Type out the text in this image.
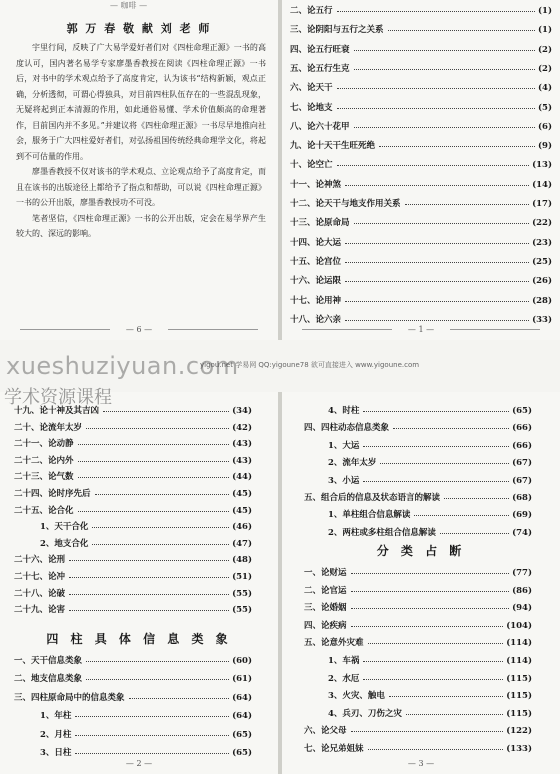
— 咖啡 —
郭 万 春 敬 献 刘 老 师

宇里行间，反映了广大易学爱好者们对《四柱命理正源》一书的高度认可，国内著名易学专家廖墨香教授在阅读《四柱命理正源》一书后，对书中的学术观点给予了高度肯定，认为该书“结构新颖，观点正确，分析透彻，可谓心得独具，对目前四柱队伍存在的一些混乱现象，无疑将起到正本清源的作用，如此通俗易懂、学术价值颇高的命理著作，目前国内并不多见。”并建议将《四柱命理正源》一书尽早地推向社会，服务于广大四柱爱好者们，对弘扬祖国传统经典命理学文化，将起到不可估量的作用。

廖墨香教授不仅对该书的学术观点、立论观点给予了高度肯定，而且在该书的出版途径上都给予了指点和帮助，可以说《四柱命理正源》一书的公开出版，廖墨香教授功不可没。

笔者坚信，《四柱命理正源》一书的公开出版，定会在易学界产生较大的、深远的影响。

— 6 —
二、论五行	(1)
三、论阴阳与五行之关系	(1)
四、论五行旺衰	(2)
五、论五行生克	(2)
六、论天干	(4)
七、论地支	(5)
八、论六十花甲	(6)
九、论十天干生旺死绝	(9)
十、论空亡	(13)
十一、论神煞	(14)
十二、论天干与地支作用关系	(17)
十三、论原命局	(22)
十四、论大运	(23)
十五、论宫位	(25)
十六、论运限	(26)
十七、论用神	(28)
十八、论六亲	(33)
— 1 —
yigou.net 学易网 QQ:yigoune78 欲可直接进入 www.yigoune.com
十九、论十神及其吉凶	(34)
二十、论流年太岁	(42)
二十一、论动静	(43)
二十二、论内外	(43)
二十三、论气数	(44)
二十四、论时序先后	(45)
二十五、论合化	(45)
1、天干合化	(46)
2、地支合化	(47)
二十六、论刑	(48)
二十七、论冲	(51)
二十八、论破	(55)
二十九、论害	(55)
四 柱 具 体 信 息 类 象
一、天干信息类象	(60)
二、地支信息类象	(61)
三、四柱原命局中的信息类象	(64)
1、年柱	(64)
2、月柱	(65)
3、日柱	(65)
— 2 —
4、时柱	(65)
四、四柱动态信息类象	(66)
1、大运	(66)
2、流年太岁	(67)
3、小运	(67)
五、组合后的信息及状态语言的解读	(68)
1、单柱组合信息解读	(69)
2、两柱或多柱组合信息解读	(74)
分 类 占 断
一、论财运	(77)
二、论官运	(86)
三、论婚姻	(94)
四、论疾病	(104)
五、论意外灾难	(114)
1、车祸	(114)
2、水厄	(115)
3、火灾、触电	(115)
4、兵刃、刀伤之灾	(115)
六、论父母	(122)
七、论兄弟姐妹	(133)
— 3 —
xueshuziyuan.com
学术资源课程
